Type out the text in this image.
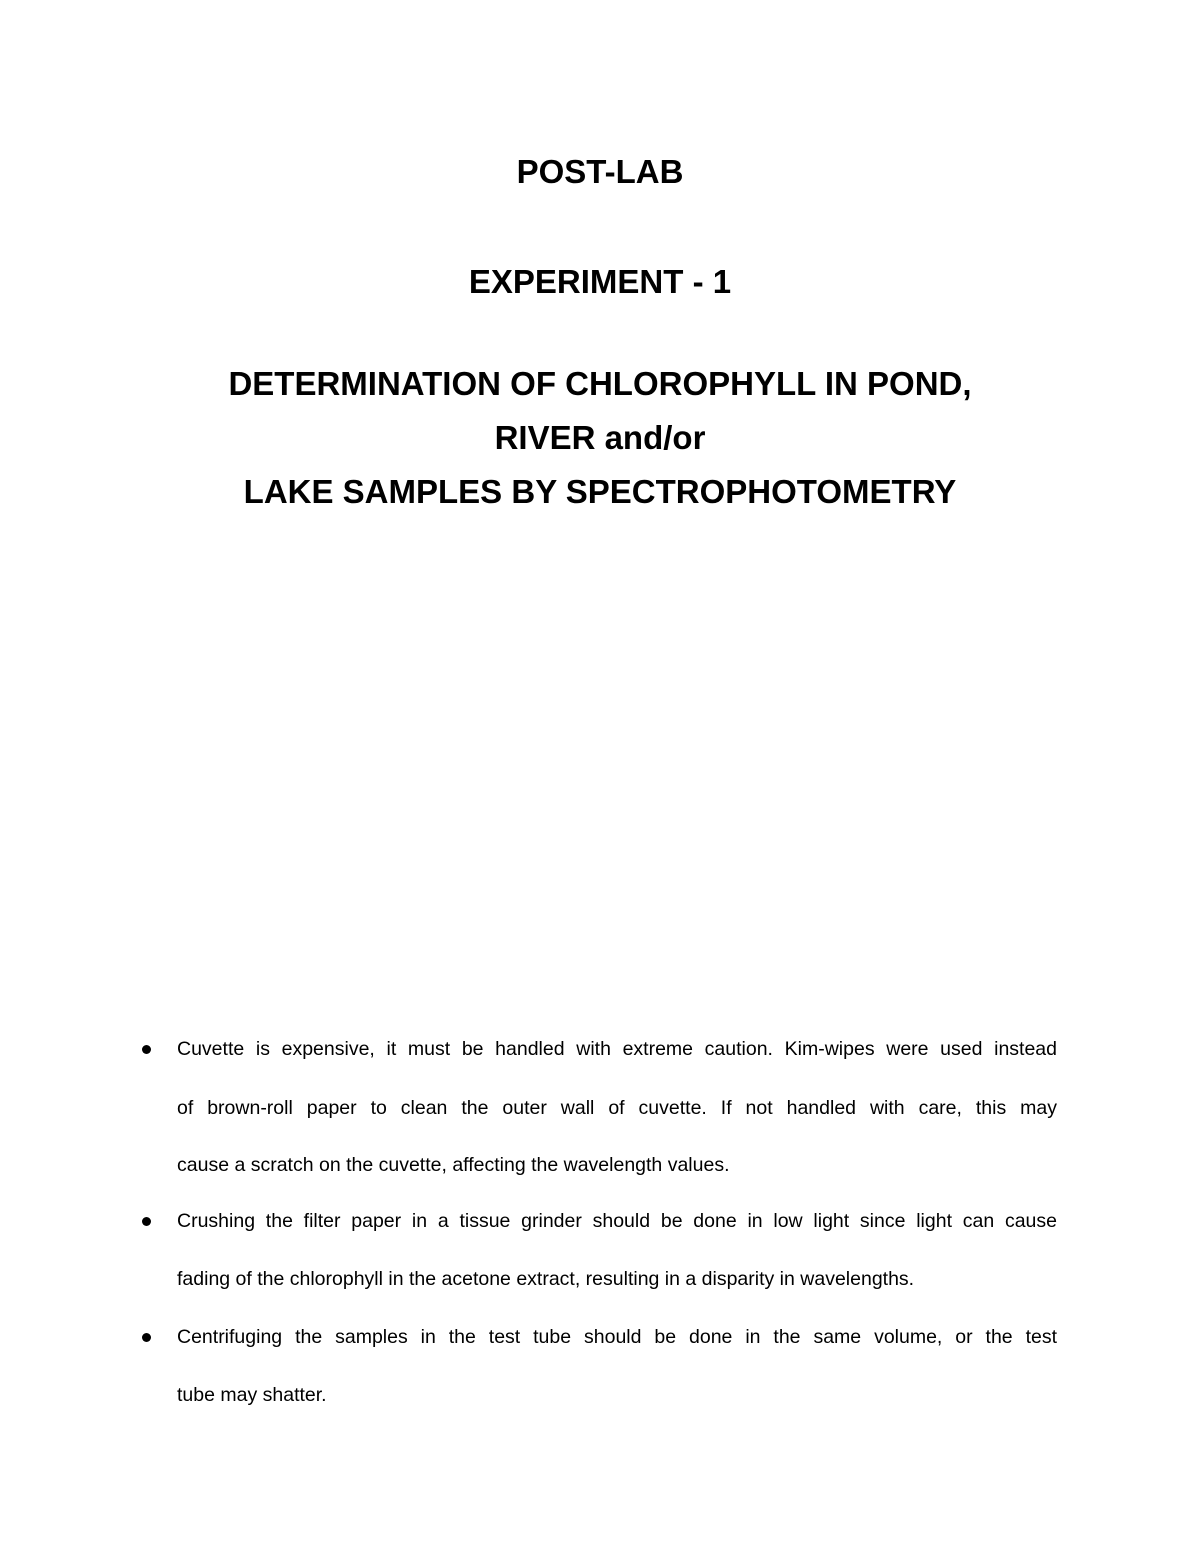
POST-LAB
EXPERIMENT - 1
DETERMINATION OF CHLOROPHYLL IN POND,
RIVER and/or
LAKE SAMPLES BY SPECTROPHOTOMETRY
Cuvette is expensive, it must be handled with extreme caution. Kim-wipes were used instead
of brown-roll paper to clean the outer wall of cuvette. If not handled with care, this may
cause a scratch on the cuvette, affecting the wavelength values.
Crushing the filter paper in a tissue grinder should be done in low light since light can cause
fading of the chlorophyll in the acetone extract, resulting in a disparity in wavelengths.
Centrifuging the samples in the test tube should be done in the same volume, or the test
tube may shatter.
